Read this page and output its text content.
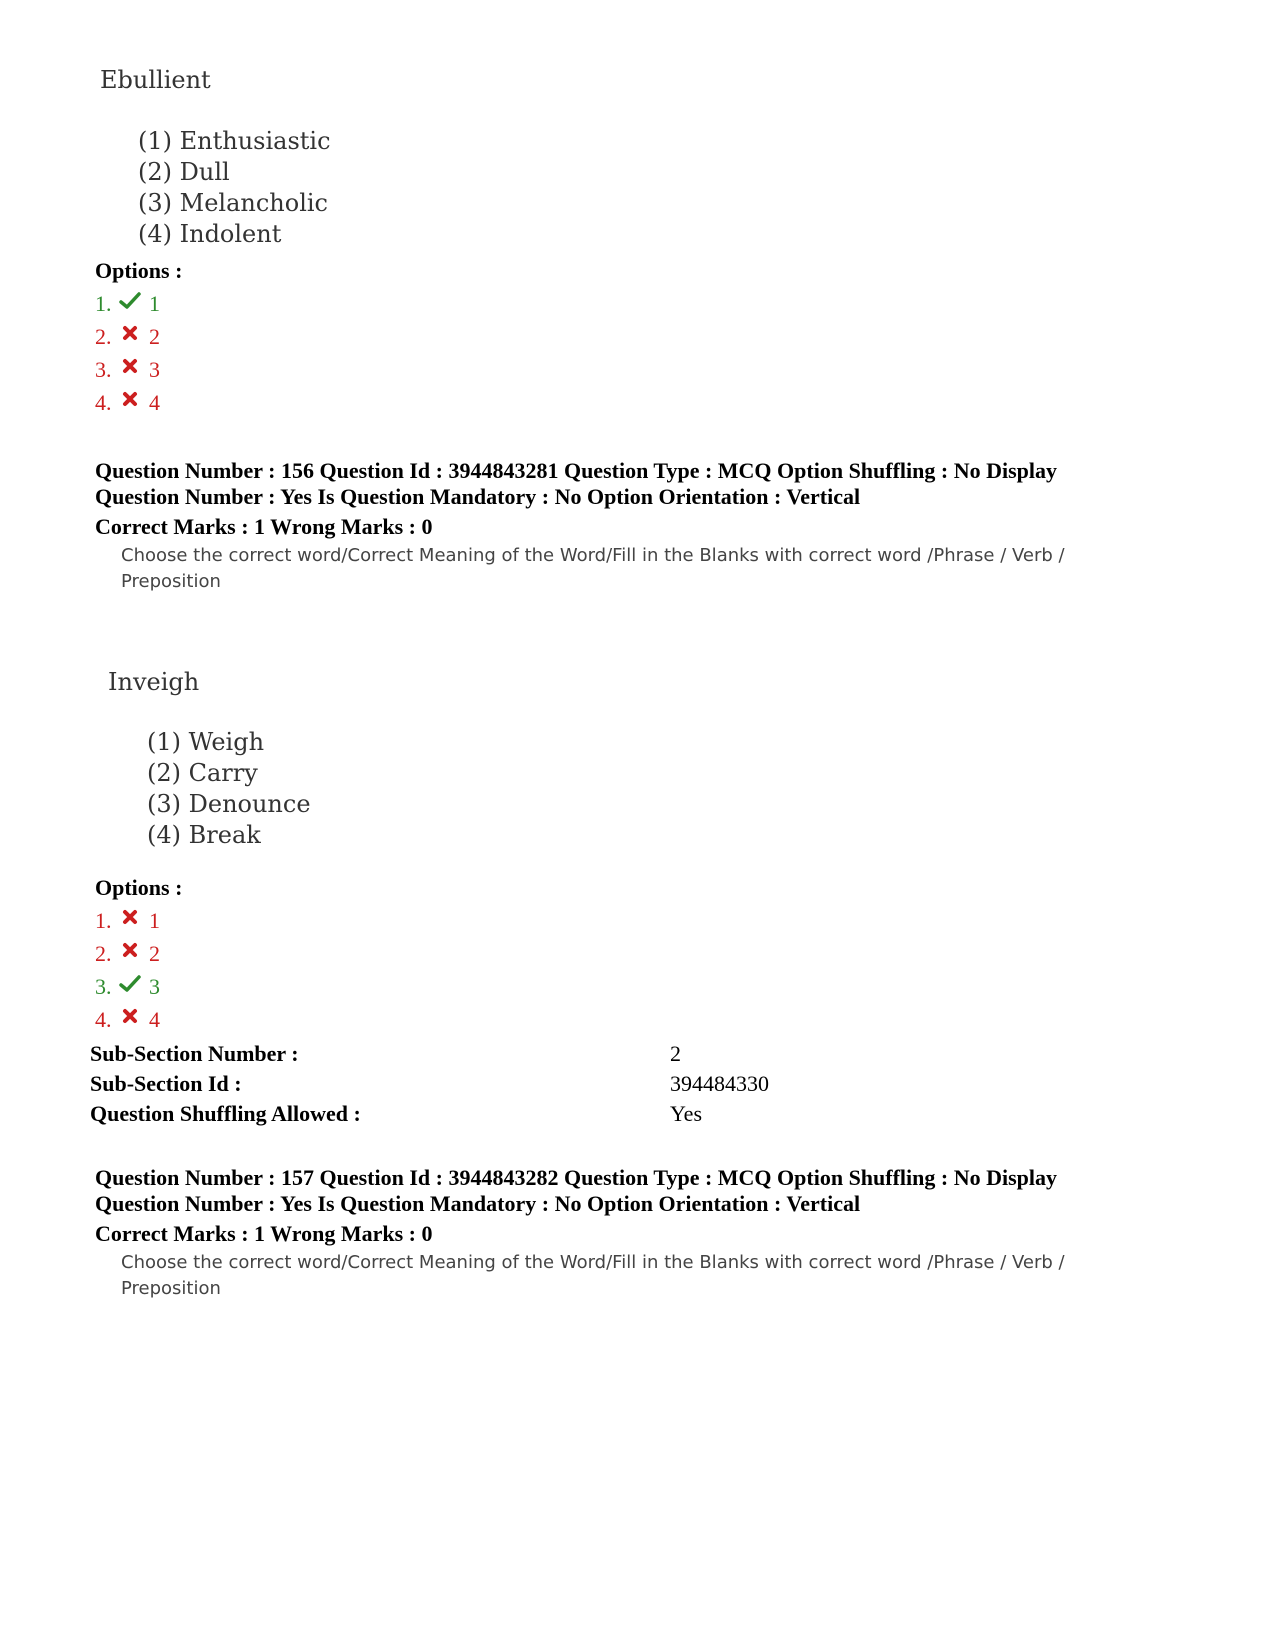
Ebullient
(1) Enthusiastic
(2) Dull
(3) Melancholic
(4) Indolent
Options :
1.	1
2.	2
3.	3
4.	4
Question Number : 156 Question Id : 3944843281 Question Type : MCQ Option Shuffling : No Display
Question Number : Yes Is Question Mandatory : No Option Orientation : Vertical
Correct Marks : 1 Wrong Marks : 0
Choose the correct word/Correct Meaning of the Word/Fill in the Blanks with correct word /Phrase / Verb / Preposition
Inveigh
(1) Weigh
(2) Carry
(3) Denounce
(4) Break
Options :
1.	1
2.	2
3.	3
4.	4
Sub-Section Number :	2
Sub-Section Id :	394484330
Question Shuffling Allowed :	Yes
Question Number : 157 Question Id : 3944843282 Question Type : MCQ Option Shuffling : No Display
Question Number : Yes Is Question Mandatory : No Option Orientation : Vertical
Correct Marks : 1 Wrong Marks : 0
Choose the correct word/Correct Meaning of the Word/Fill in the Blanks with correct word /Phrase / Verb / Preposition
